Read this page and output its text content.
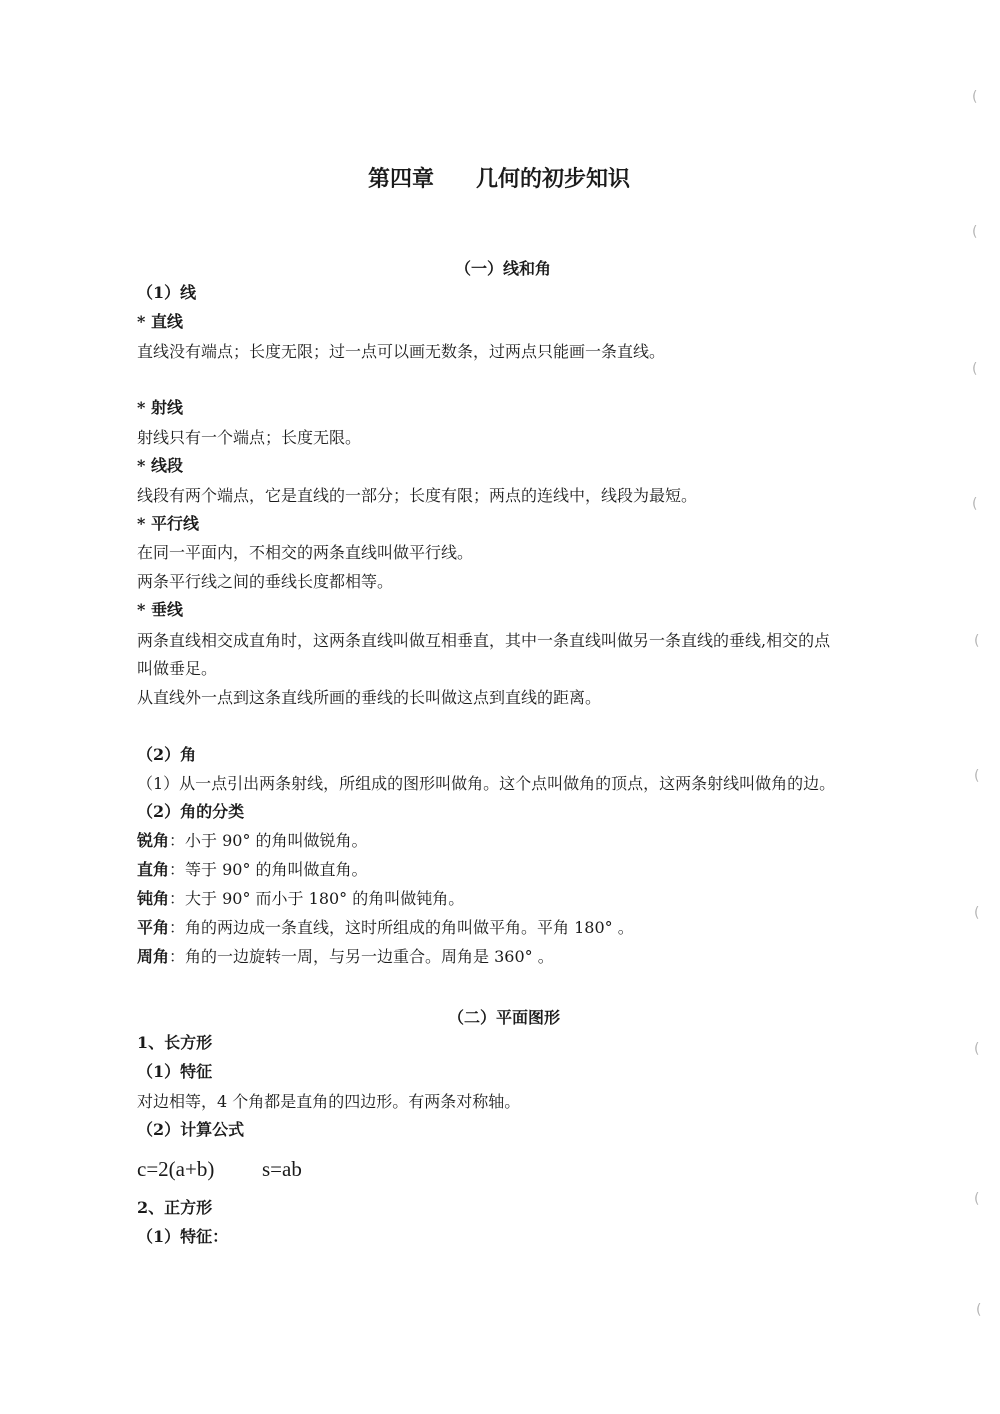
第四章 几何的初步知识
（一）线和角
（1）线
* 直线
直线没有端点；长度无限；过一点可以画无数条，过两点只能画一条直线。
* 射线
射线只有一个端点；长度无限。
* 线段
线段有两个端点，它是直线的一部分；长度有限；两点的连线中，线段为最短。
* 平行线
在同一平面内，不相交的两条直线叫做平行线。
两条平行线之间的垂线长度都相等。
* 垂线
两条直线相交成直角时，这两条直线叫做互相垂直，其中一条直线叫做另一条直线的垂线,相交的点
叫做垂足。
从直线外一点到这条直线所画的垂线的长叫做这点到直线的距离。
（2）角
（1）从一点引出两条射线，所组成的图形叫做角。这个点叫做角的顶点，这两条射线叫做角的边。
（2）角的分类
锐角：小于 90° 的角叫做锐角。
直角：等于 90° 的角叫做直角。
钝角：大于 90° 而小于 180° 的角叫做钝角。
平角：角的两边成一条直线，这时所组成的角叫做平角。平角 180° 。
周角：角的一边旋转一周，与另一边重合。周角是 360° 。
（二）平面图形
1、长方形
（1）特征
对边相等，4 个角都是直角的四边形。有两条对称轴。
（2）计算公式
c=2(a+b) s=ab
2、正方形
（1）特征：
(
(
(
(
(
(
(
(
(
(
